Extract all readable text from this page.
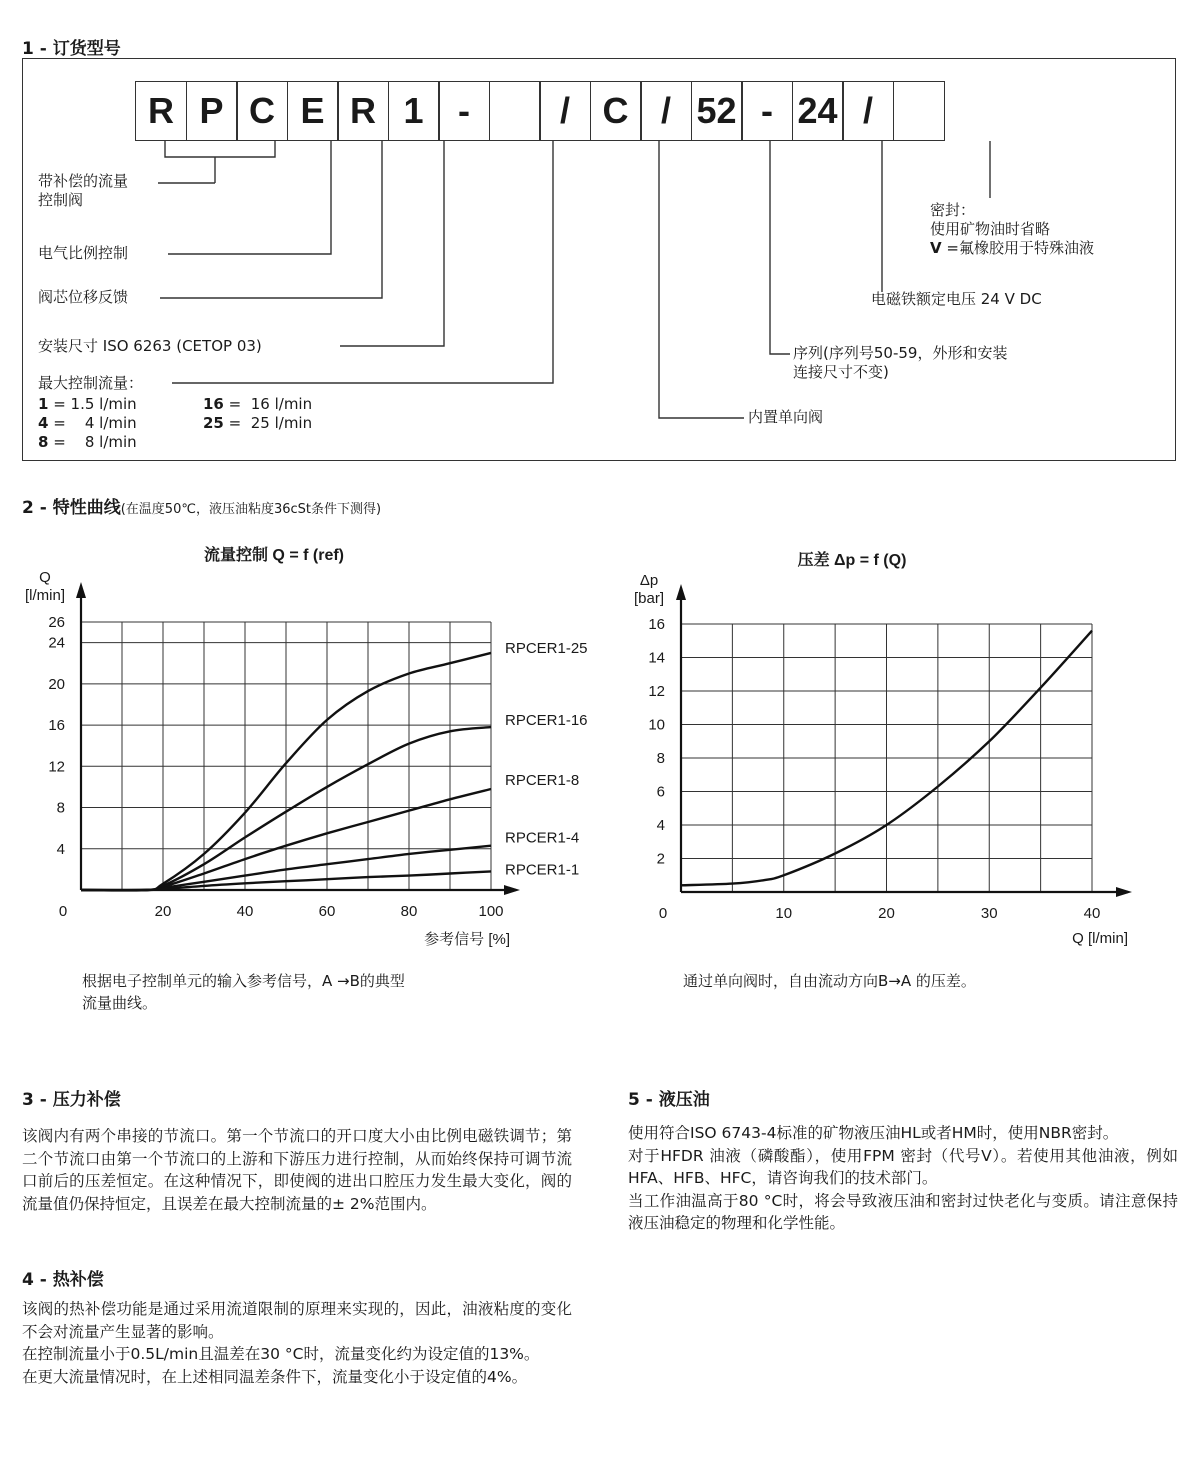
1 - 订货型号
R P C E R 1 -	/ C / 52 - 24 /
带补偿的流量
控制阀
电气比例控制
阀芯位移反馈
安装尺寸 ISO 6263 (CETOP 03)
最大控制流量：
1 = 1.5 l/min
4 =    4 l/min
8 =    8 l/min
16 =  16 l/min
25 =  25 l/min	内置单向阀
序列(序列号50-59，外形和安装
连接尺寸不变)
电磁铁额定电压 24 V DC
密封：
使用矿物油时省略
V =氟橡胶用于特殊油液
2 - 特性曲线(在温度50℃，液压油粘度36cSt条件下测得)
流量控制 Q = f (ref)
0	20	40	60	80	100
4
8
12
16
20
24
26
Q
[l/min]
参考信号 [%]
RPCER1-25
RPCER1-16
RPCER1-8
RPCER1-4
RPCER1-1
压差 Δp = f (Q)
0	10	20	30	40
2
4
6
8
10
12
14
16
Δp
[bar]
Q [l/min]
根据电子控制单元的输入参考信号，A →B的典型
流量曲线。
通过单向阀时，自由流动方向B→A 的压差。
3 - 压力补偿

该阀内有两个串接的节流口。第一个节流口的开口度大小由比例电磁铁调节；第二个节流口由第一个节流口的上游和下游压力进行控制，从而始终保持可调节流口前后的压差恒定。在这种情况下，即使阀的进出口腔压力发生最大变化，阀的流量值仍保持恒定，且误差在最大控制流量的± 2%范围内。

4 - 热补偿

该阀的热补偿功能是通过采用流道限制的原理来实现的，因此，油液粘度的变化不会对流量产生显著的影响。

在控制流量小于0.5L/min且温差在30 °C时，流量变化约为设定值的13%。

在更大流量情况时，在上述相同温差条件下，流量变化小于设定值的4%。

5 - 液压油

使用符合ISO 6743-4标准的矿物液压油HL或者HM时，使用NBR密封。

对于HFDR 油液（磷酸酯），使用FPM 密封（代号V）。若使用其他油液，例如HFA、HFB、HFC，请咨询我们的技术部门。

当工作油温高于80 °C时，将会导致液压油和密封过快老化与变质。请注意保持液压油稳定的物理和化学性能。
